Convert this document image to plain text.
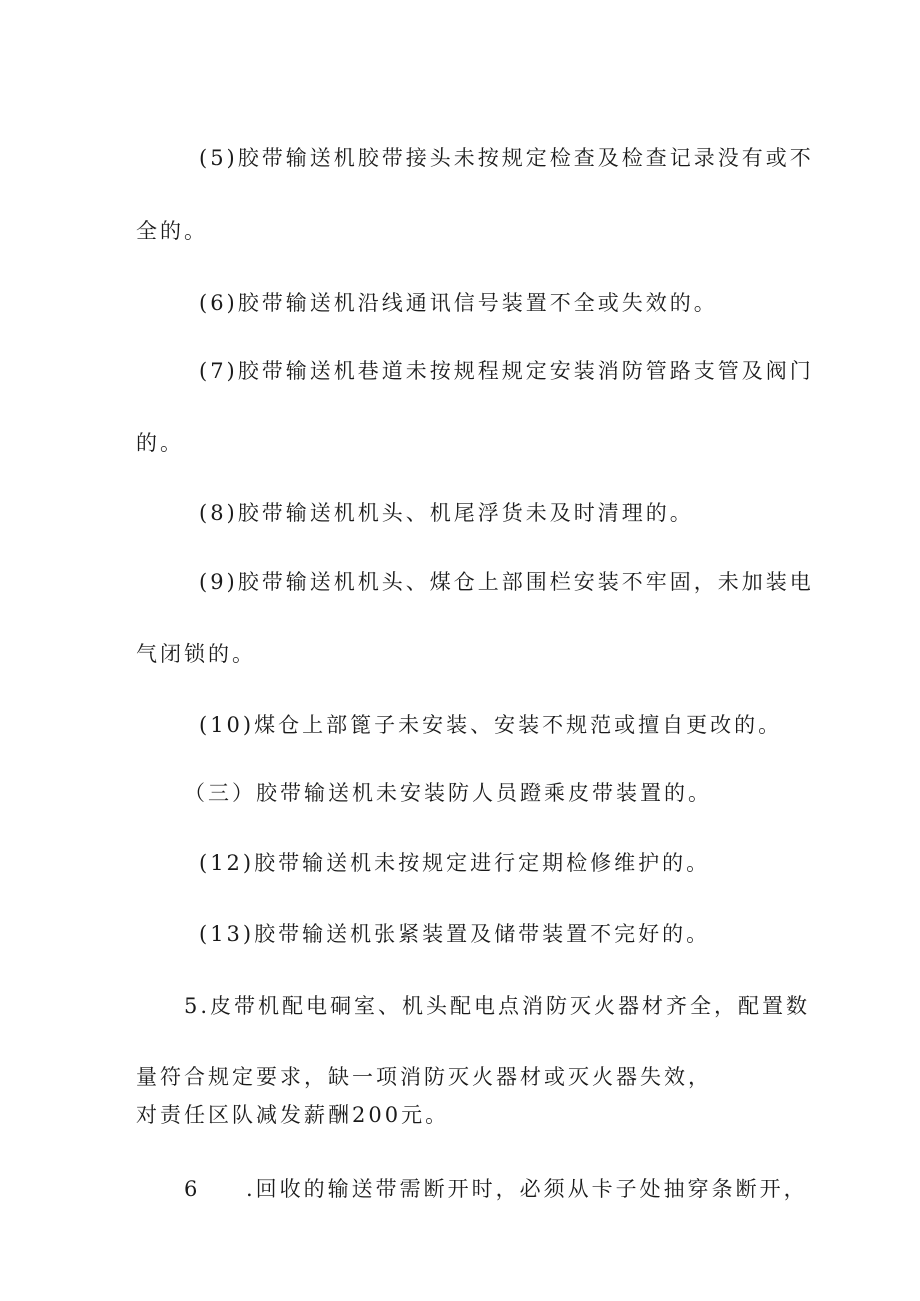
(5)胶带输送机胶带接头未按规定检查及检查记录没有或不
全的。
(6)胶带输送机沿线通讯信号装置不全或失效的。
(7)胶带输送机巷道未按规程规定安装消防管路支管及阀门
的。
(8)胶带输送机机头、机尾浮货未及时清理的。
(9)胶带输送机机头、煤仓上部围栏安装不牢固，未加装电
气闭锁的。
(10)煤仓上部篦子未安装、安装不规范或擅自更改的。
（三）胶带输送机未安装防人员蹬乘皮带装置的。
(12)胶带输送机未按规定进行定期检修维护的。
(13)胶带输送机张紧装置及储带装置不完好的。
5.皮带机配电硐室、机头配电点消防灭火器材齐全，配置数
量符合规定要求，缺一项消防灭火器材或灭火器失效，
对责任区队减发薪酬200元。
6 .回收的输送带需断开时，必须从卡子处抽穿条断开，
